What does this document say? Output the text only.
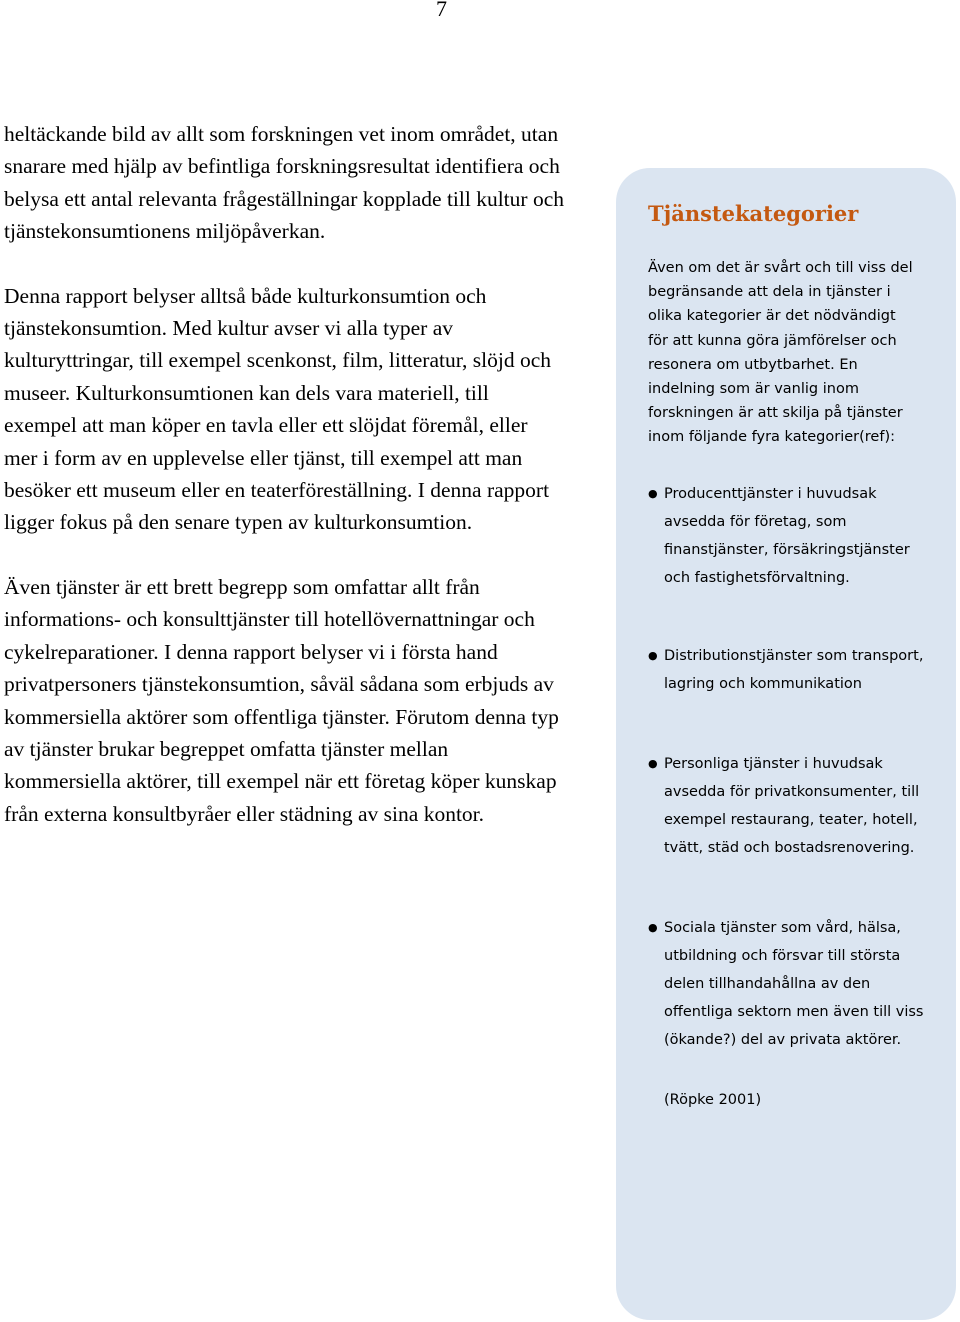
7

heltäckande bild av allt som forskningen vet inom området, utan snarare med hjälp av befintliga forskningsresultat identifiera och belysa ett antal relevanta frågeställningar kopplade till kultur och tjänstekonsumtionens miljöpåverkan.

Denna rapport belyser alltså både kulturkonsumtion och tjänstekonsumtion. Med kultur avser vi alla typer av kulturyttringar, till exempel scenkonst, film, litteratur, slöjd och museer. Kulturkonsumtionen kan dels vara materiell, till exempel att man köper en tavla eller ett slöjdat föremål, eller mer i form av en upplevelse eller tjänst, till exempel att man besöker ett museum eller en teaterföreställning. I denna rapport ligger fokus på den senare typen av kulturkonsumtion.

Även tjänster är ett brett begrepp som omfattar allt från informations- och konsulttjänster till hotellövernattningar och cykelreparationer. I denna rapport belyser vi i första hand privatpersoners tjänstekonsumtion, såväl sådana som erbjuds av kommersiella aktörer som offentliga tjänster. Förutom denna typ av tjänster brukar begreppet omfatta tjänster mellan kommersiella aktörer, till exempel när ett företag köper kunskap från externa konsultbyråer eller städning av sina kontor.

Tjänstekategorier

Även om det är svårt och till viss del begränsande att dela in tjänster i olika kategorier är det nödvändigt för att kunna göra jämförelser och resonera om utbytbarhet. En indelning som är vanlig inom forskningen är att skilja på tjänster inom följande fyra kategorier(ref):

● Producenttjänster i huvudsak avsedda för företag, som finanstjänster, försäkringstjänster och fastighetsförvaltning.
● Distributionstjänster som transport, lagring och kommunikation
● Personliga tjänster i huvudsak avsedda för privatkonsumenter, till exempel restaurang, teater, hotell, tvätt, städ och bostadsrenovering.
● Sociala tjänster som vård, hälsa, utbildning och försvar till största delen tillhandahållna av den offentliga sektorn men även till viss (ökande?) del av privata aktörer.

(Röpke 2001)
